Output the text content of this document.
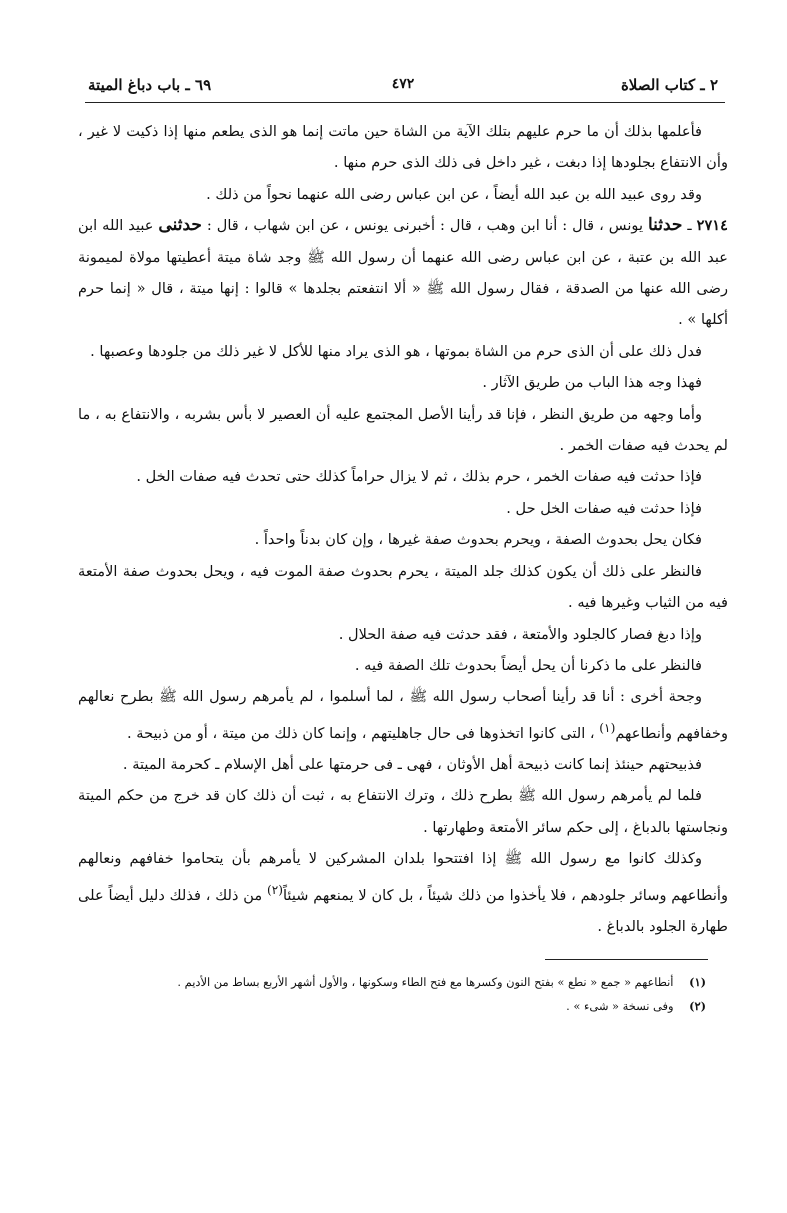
٢ ـ كتاب الصلاة
٤٧٢
٦٩ ـ باب دباغ الميتة

فأعلمها بذلك أن ما حرم عليهم بتلك الآية من الشاة حين ماتت إنما هو الذى يطعم منها إذا ذكيت لا غير ، وأن الانتفاع بجلودها إذا دبغت ، غير داخل فى ذلك الذى حرم منها .

وقد روى عبيد الله بن عبد الله أيضاً ، عن ابن عباس رضى الله عنهما نحواً من ذلك .

٢٧١٤ ـ حدثنا يونس ، قال : أنا ابن وهب ، قال : أخبرنى يونس ، عن ابن شهاب ، قال : حدثنى عبيد الله ابن عبد الله بن عتبة ، عن ابن عباس رضى الله عنهما أن رسول الله ﷺ وجد شاة ميتة أعطيتها مولاة لميمونة رضى الله عنها من الصدقة ، فقال رسول الله ﷺ « ألا انتفعتم بجلدها » قالوا : إنها ميتة ، قال « إنما حرم أكلها » .

فدل ذلك على أن الذى حرم من الشاة بموتها ، هو الذى يراد منها للأكل لا غير ذلك من جلودها وعصبها .

فهذا وجه هذا الباب من طريق الآثار .

وأما وجهه من طريق النظر ، فإنا قد رأينا الأصل المجتمع عليه أن العصير لا بأس بشربه ، والانتفاع به ، ما لم يحدث فيه صفات الخمر .

فإذا حدثت فيه صفات الخمر ، حرم بذلك ، ثم لا يزال حراماً كذلك حتى تحدث فيه صفات الخل .

فإذا حدثت فيه صفات الخل حل .

فكان يحل بحدوث الصفة ، ويحرم بحدوث صفة غيرها ، وإن كان بدناً واحداً .

فالنظر على ذلك أن يكون كذلك جلد الميتة ، يحرم بحدوث صفة الموت فيه ، ويحل بحدوث صفة الأمتعة فيه من الثياب وغيرها فيه .

وإذا دبغ فصار كالجلود والأمتعة ، فقد حدثت فيه صفة الحلال .

فالنظر على ما ذكرنا أن يحل أيضاً بحدوث تلك الصفة فيه .

وجحة أخرى : أنا قد رأينا أصحاب رسول الله ﷺ ، لما أسلموا ، لم يأمرهم رسول الله ﷺ بطرح نعالهم وخفافهم وأنطاعهم$^{(١)}$ ، التى كانوا اتخذوها فى حال جاهليتهم ، وإنما كان ذلك من ميتة ، أو من ذبيحة .

فذبيحتهم حينئذ إنما كانت ذبيحة أهل الأوثان ، فهى ـ فى حرمتها على أهل الإسلام ـ كحرمة الميتة .

فلما لم يأمرهم رسول الله ﷺ بطرح ذلك ، وترك الانتفاع به ، ثبت أن ذلك كان قد خرج من حكم الميتة ونجاستها بالدباغ ، إلى حكم سائر الأمتعة وطهارتها .

وكذلك كانوا مع رسول الله ﷺ إذا افتتحوا بلدان المشركين لا يأمرهم بأن يتحاموا خفافهم ونعالهم وأنطاعهم وسائر جلودهم ، فلا يأخذوا من ذلك شيئاً ، بل كان لا يمنعهم شيئاً$^{(٢)}$ من ذلك ، فذلك دليل أيضاً على طهارة الجلود بالدباغ .

(١) أنطاعهم « جمع « نطع » بفتح النون وكسرها مع فتح الطاء وسكونها ، والأول أشهر الأربع بساط من الأديم .

(٢) وفى نسخة « شىء » .
